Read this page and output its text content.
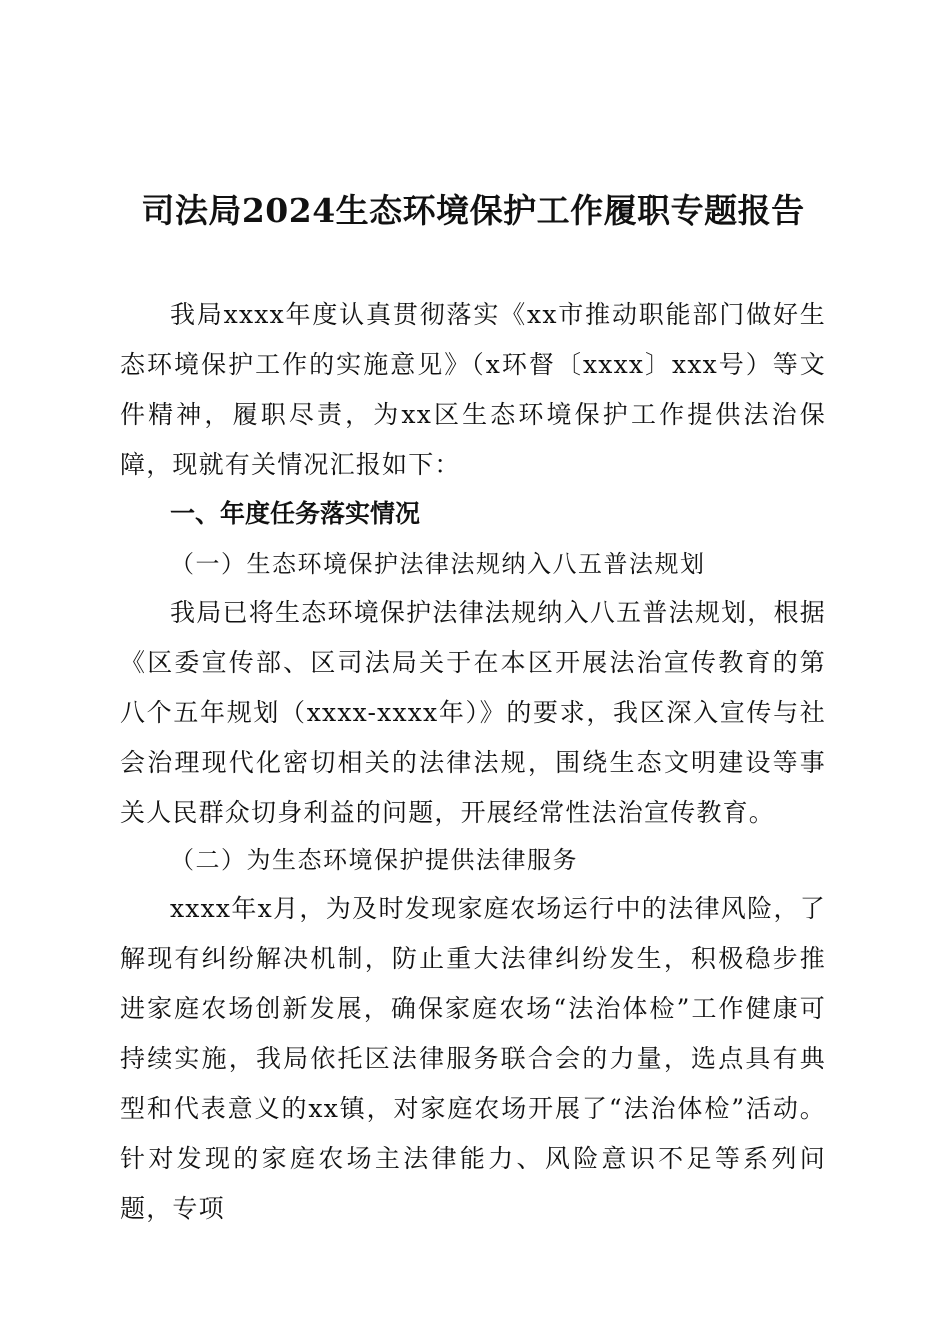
司法局2024生态环境保护工作履职专题报告
我局xxxx年度认真贯彻落实《xx市推动职能部门做好生态环境保护工作的实施意见》（x环督〔xxxx〕xxx号）等文件精神，履职尽责，为xx区生态环境保护工作提供法治保障，现就有关情况汇报如下：
一、年度任务落实情况
（一）生态环境保护法律法规纳入八五普法规划
我局已将生态环境保护法律法规纳入八五普法规划，根据《区委宣传部、区司法局关于在本区开展法治宣传教育的第八个五年规划（xxxx-xxxx年）》的要求，我区深入宣传与社会治理现代化密切相关的法律法规，围绕生态文明建设等事关人民群众切身利益的问题，开展经常性法治宣传教育。
（二）为生态环境保护提供法律服务
xxxx年x月，为及时发现家庭农场运行中的法律风险，了解现有纠纷解决机制，防止重大法律纠纷发生，积极稳步推进家庭农场创新发展，确保家庭农场“法治体检”工作健康可持续实施，我局依托区法律服务联合会的力量，选点具有典型和代表意义的xx镇，对家庭农场开展了“法治体检”活动。针对发现的家庭农场主法律能力、风险意识不足等系列问题，专项
